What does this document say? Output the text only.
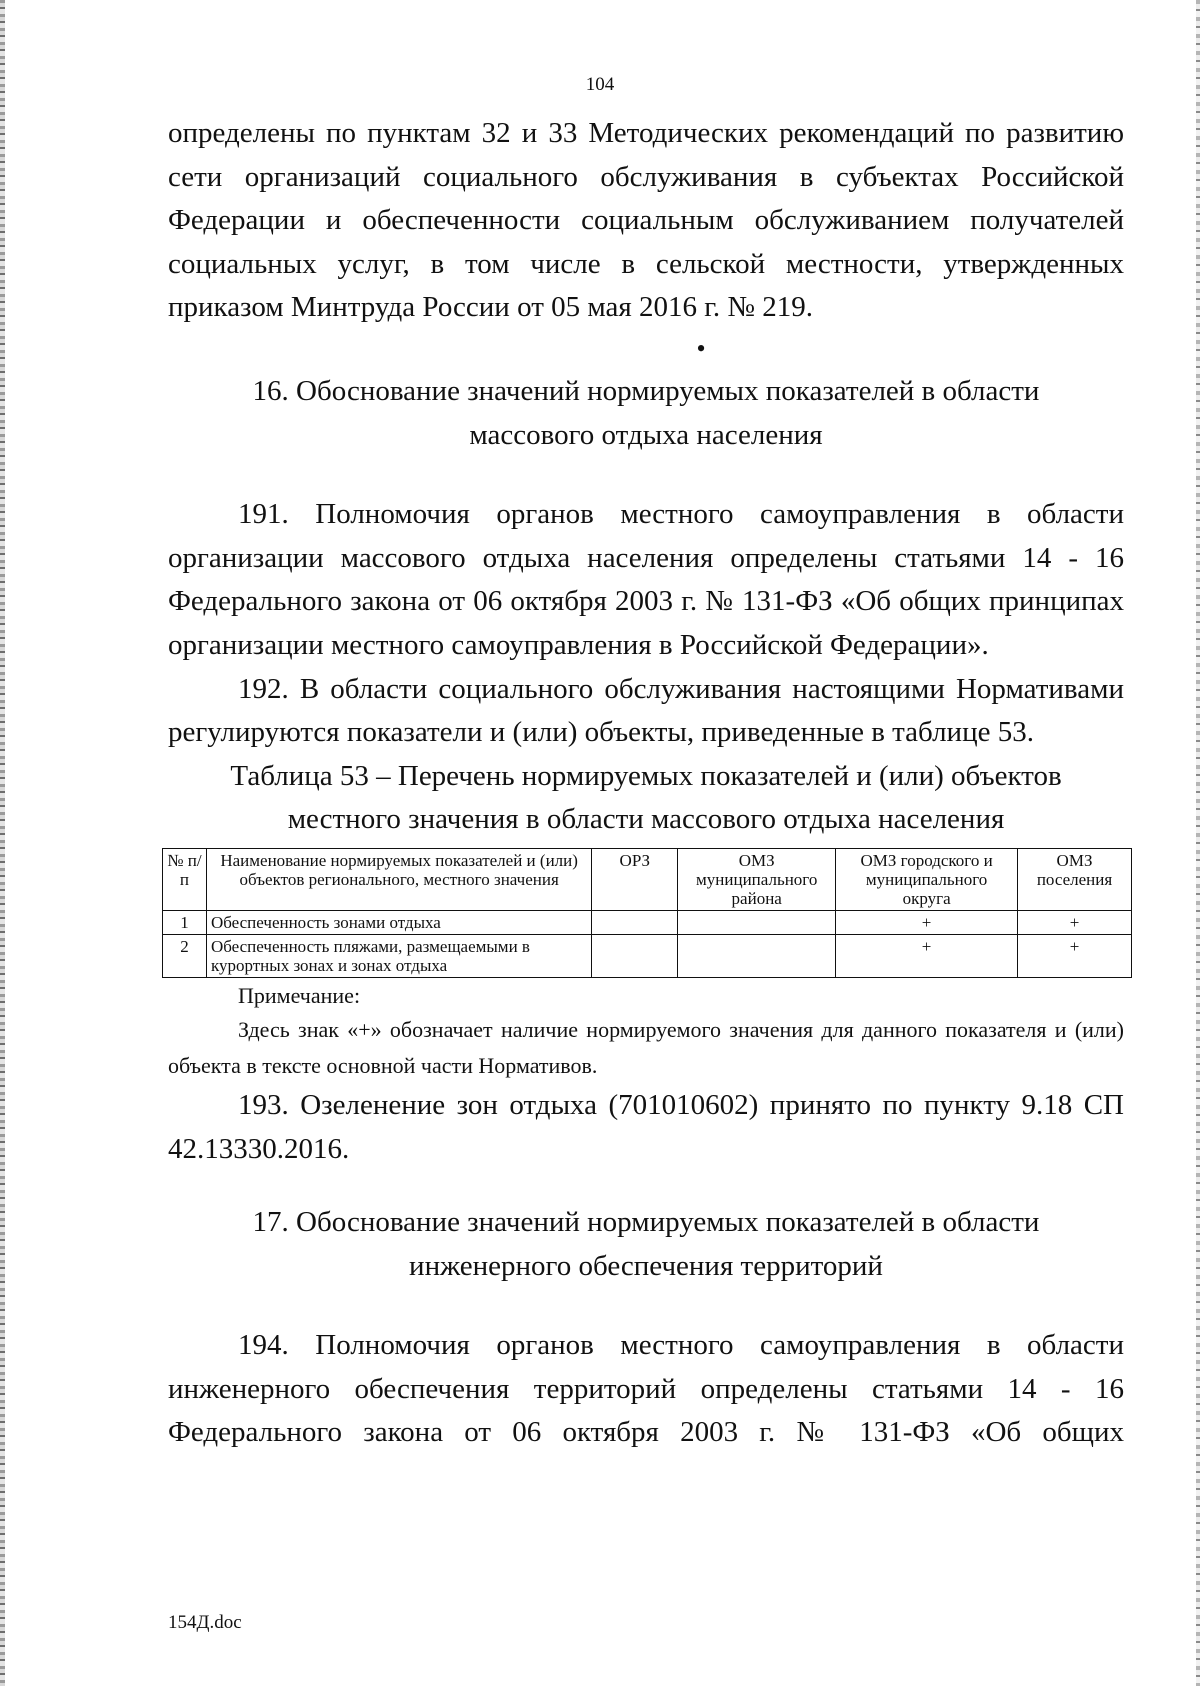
104

определены по пунктам 32 и 33 Методических рекомендаций по развитию сети организаций социального обслуживания в субъектах Российской Федерации и обеспеченности социальным обслуживанием получателей социальных услуг, в том числе в сельской местности, утвержденных приказом Минтруда России от 05 мая 2016 г. № 219.

•
16. Обоснование значений нормируемых показателей в области
массового отдыха населения

191. Полномочия органов местного самоуправления в области организации массового отдыха населения определены статьями 14 - 16 Федерального закона от 06 октября 2003 г. № 131-ФЗ «Об общих принципах организации местного самоуправления в Российской Федерации».

192. В области социального обслуживания настоящими Нормативами регулируются показатели и (или) объекты, приведенные в таблице 53.

Таблица 53 – Перечень нормируемых показателей и (или) объектов
местного значения в области массового отдыха населения
№ п/п	Наименование нормируемых показателей и (или) объектов регионального, местного значения	ОРЗ	ОМЗ муниципального района	ОМЗ городского и муниципального округа	ОМЗ поселения
1	Обеспеченность зонами отдыха			+	+
2	Обеспеченность пляжами, размещаемыми в курортных зонах и зонах отдыха			+	+
Примечание:

Здесь знак «+» обозначает наличие нормируемого значения для данного показателя и (или) объекта в тексте основной части Нормативов.

193. Озеленение зон отдыха (701010602) принято по пункту 9.18 СП 42.13330.2016.

17. Обоснование значений нормируемых показателей в области
инженерного обеспечения территорий

194. Полномочия органов местного самоуправления в области инженерного обеспечения территорий определены статьями 14 - 16 Федерального закона от 06 октября 2003 г. № 131-ФЗ «Об общих

154Д.doc
